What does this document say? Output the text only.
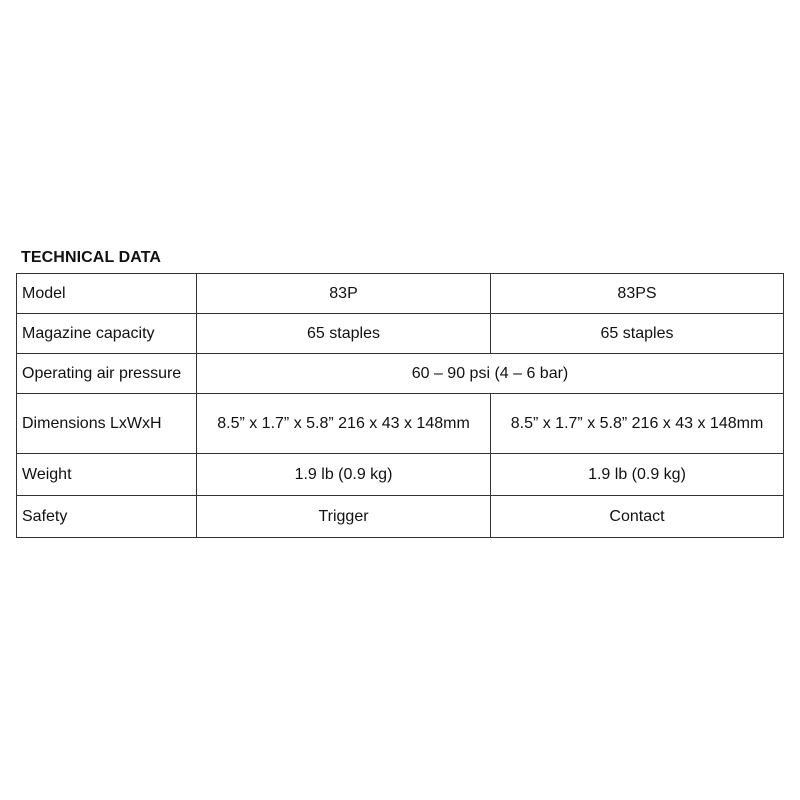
TECHNICAL DATA
Model	83P	83PS
Magazine capacity	65 staples	65 staples
Operating air pressure	60 – 90 psi (4 – 6 bar)	
Dimensions LxWxH	8.5” x 1.7” x 5.8” 216 x 43 x 148mm	8.5” x 1.7” x 5.8” 216 x 43 x 148mm
Weight	1.9 lb (0.9 kg)	1.9 lb (0.9 kg)
Safety	Trigger	Contact
